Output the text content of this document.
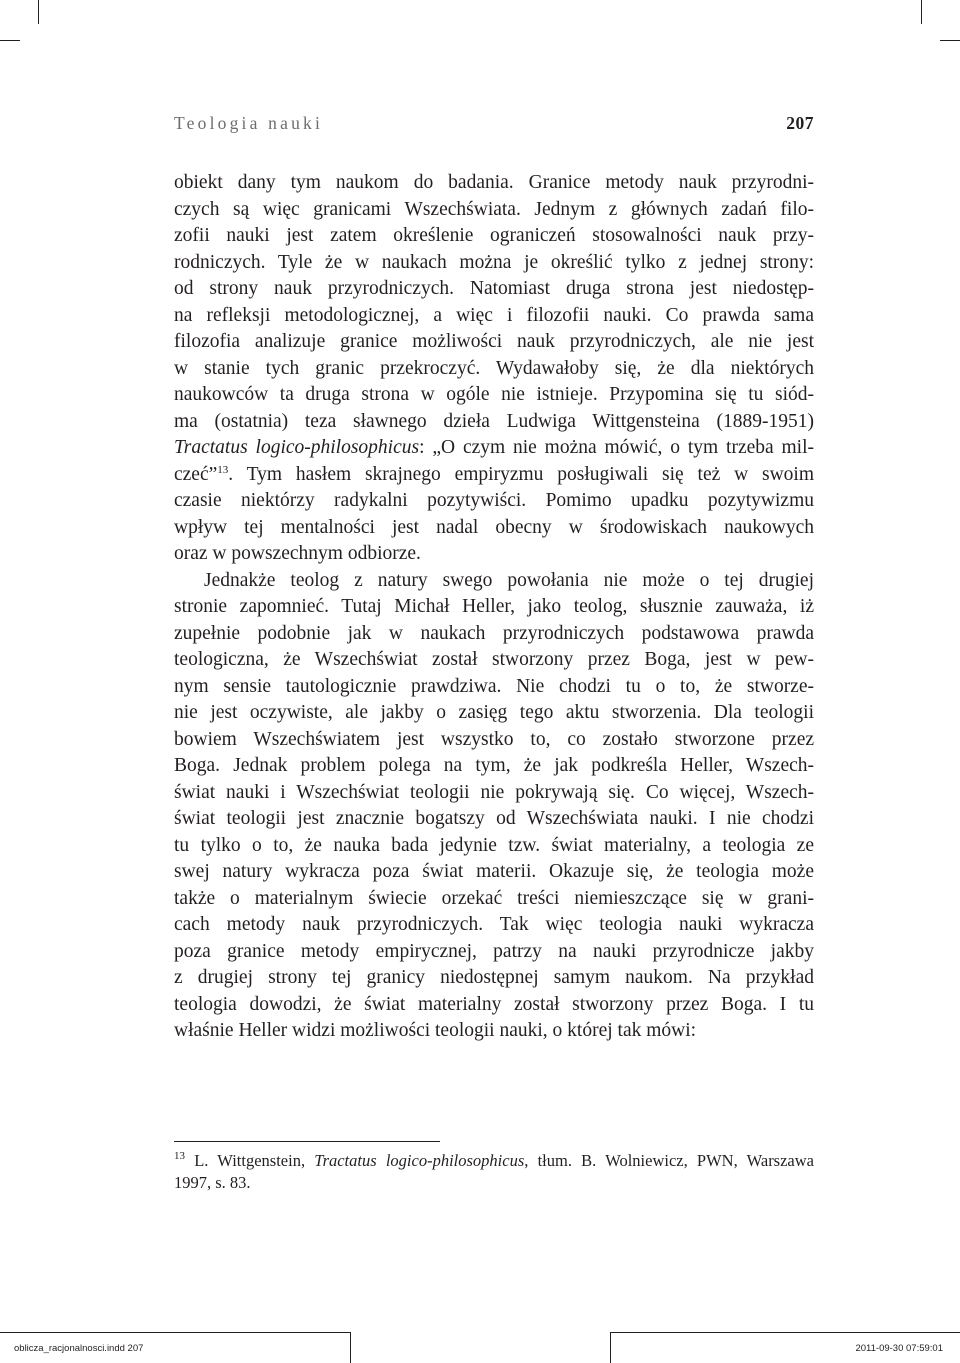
Teologia nauki	207
obiekt dany tym naukom do badania. Granice metody nauk przyrodni-
czych są więc granicami Wszechświata. Jednym z głównych zadań filo-
zofii nauki jest zatem określenie ograniczeń stosowalności nauk przy-
rodniczych. Tyle że w naukach można je określić tylko z jednej strony:
od strony nauk przyrodniczych. Natomiast druga strona jest niedostęp-
na refleksji metodologicznej, a więc i filozofii nauki. Co prawda sama
filozofia analizuje granice możliwości nauk przyrodniczych, ale nie jest
w stanie tych granic przekroczyć. Wydawałoby się, że dla niektórych
naukowców ta druga strona w ogóle nie istnieje. Przypomina się tu siód-
ma (ostatnia) teza sławnego dzieła Ludwiga Wittgensteina (1889-1951)
Tractatus logico-philosophicus: „O czym nie można mówić, o tym trzeba mil-
czeć”$^{13}$. Tym hasłem skrajnego empiryzmu posługiwali się też w swoim
czasie niektórzy radykalni pozytywiści. Pomimo upadku pozytywizmu
wpływ tej mentalności jest nadal obecny w środowiskach naukowych
oraz w powszechnym odbiorze.
Jednakże teolog z natury swego powołania nie może o tej drugiej
stronie zapomnieć. Tutaj Michał Heller, jako teolog, słusznie zauważa, iż
zupełnie podobnie jak w naukach przyrodniczych podstawowa prawda
teologiczna, że Wszechświat został stworzony przez Boga, jest w pew-
nym sensie tautologicznie prawdziwa. Nie chodzi tu o to, że stworze-
nie jest oczywiste, ale jakby o zasięg tego aktu stworzenia. Dla teologii
bowiem Wszechświatem jest wszystko to, co zostało stworzone przez
Boga. Jednak problem polega na tym, że jak podkreśla Heller, Wszech-
świat nauki i Wszechświat teologii nie pokrywają się. Co więcej, Wszech-
świat teologii jest znacznie bogatszy od Wszechświata nauki. I nie chodzi
tu tylko o to, że nauka bada jedynie tzw. świat materialny, a teologia ze
swej natury wykracza poza świat materii. Okazuje się, że teologia może
także o materialnym świecie orzekać treści niemieszczące się w grani-
cach metody nauk przyrodniczych. Tak więc teologia nauki wykracza
poza granice metody empirycznej, patrzy na nauki przyrodnicze jakby
z drugiej strony tej granicy niedostępnej samym naukom. Na przykład
teologia dowodzi, że świat materialny został stworzony przez Boga. I tu
właśnie Heller widzi możliwości teologii nauki, o której tak mówi:
$^{13}$ L. Wittgenstein, Tractatus logico-philosophicus, tłum. B. Wolniewicz, PWN, Warszawa
1997, s. 83.
oblicza_racjonalnosci.indd 207	2011-09-30 07:59:01
